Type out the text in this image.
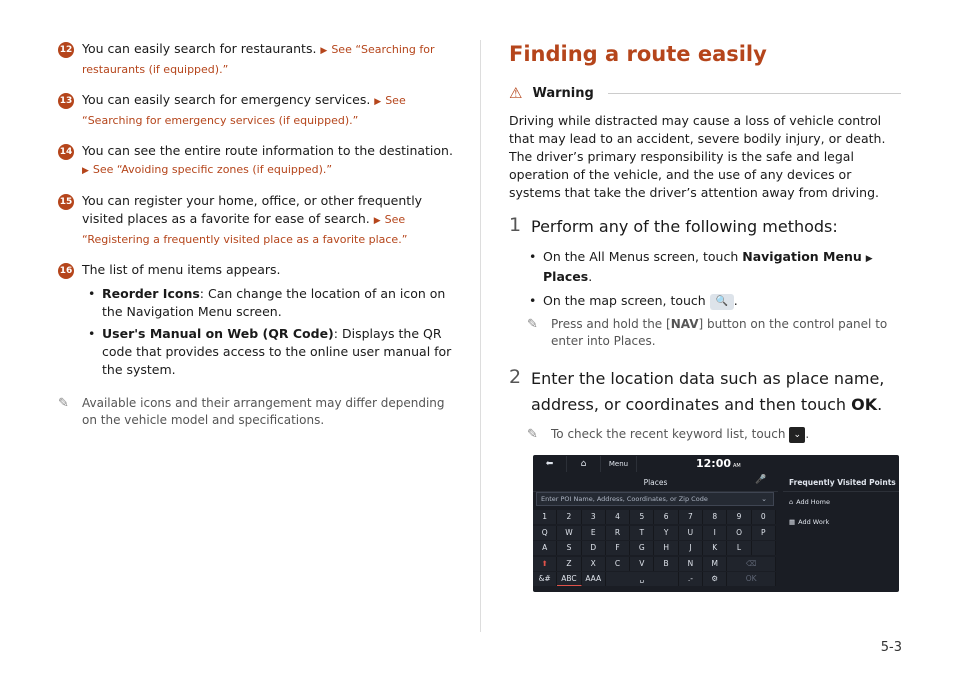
12 You can easily search for restaurants. ▶ See “Searching for restaurants (if equipped).”
13 You can easily search for emergency services. ▶ See “Searching for emergency services (if equipped).”
14 You can see the entire route information to the destination.
▶ See “Avoiding specific zones (if equipped).”
15 You can register your home, office, or other frequently visited places as a favorite for ease of search. ▶ See “Registering a frequently visited place as a favorite place.”
16 The list of menu items appears.
• Reorder Icons: Can change the location of an icon on the Navigation Menu screen.
• User's Manual on Web (QR Code): Displays the QR code that provides access to the online user manual for the system.
✎	Available icons and their arrangement may differ depending on the vehicle model and specifications.
Finding a route easily
⚠ Warning
Driving while distracted may cause a loss of vehicle control that may lead to an accident, severe bodily injury, or death. The driver’s primary responsibility is the safe and legal operation of the vehicle, and the use of any devices or systems that take the driver’s attention away from driving.
1 Perform any of the following methods:
• On the All Menus screen, touch Navigation Menu ▶ Places.
• On the map screen, touch 🔍 .
✎	Press and hold the [NAV] button on the control panel to enter into Places.
2 Enter the location data such as place name, address, or coordinates and then touch OK.
✎	To check the recent keyword list, touch ⌄ .
⬅	⌂	Menu	12:00 AM
Places	🎤
Enter POI Name, Address, Coordinates, or Zip Code	⌄
1	2	3	4	5	6	7	8	9	0
Q	W	E	R	T	Y	U	I	O	P
A	S	D	F	G	H	J	K	L
⬆	Z	X	C	V	B	N	M	⌫
&#	ABC	AAA	␣	.-	⚙	OK
Frequently Visited Points
⌂ Add Home
▦ Add Work
5-3
